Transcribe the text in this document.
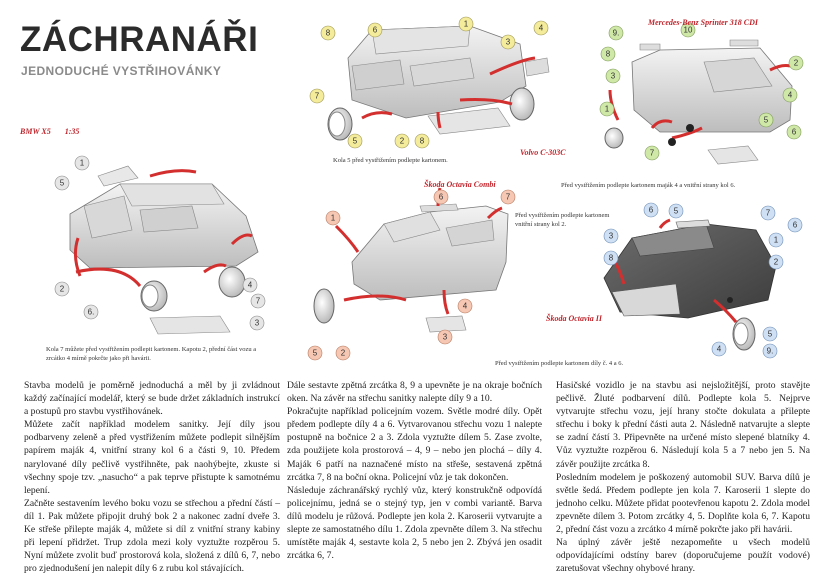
ZÁCHRANÁŘI
JEDNODUCHÉ VYSTŘIHOVÁNKY
8	6
1
3
4
7
5	2 8
9.	10
8
2
3
1
7
4
6
5
1
5
2
6.
4
7
3
6	7
1
4
3
5	2
6	5	7
3
8
6
1
2
4
5
9.
BMW X5 1:35
Volvo C-303C
Mercedes-Benz Sprinter 318 CDI
Škoda Octavia Combi
Škoda Octavia II
Kola 7 můžete před vystřižením podlepit kartonem. Kapotu 2, přední část vozu a zrcátko 4 mírně pokrčte jako při havárii.
Kola 5 před vystřižením podlepte kartonem.
Před vystřižením podlepte kartonem maják 4 a vnitřní strany kol 6.
Před vystřižením podlepte kartonem vnitřní strany kol 2.
Před vystřižením podlepte kartonem díly č. 4 a 6.

Stavba modelů je poměrně jednoduchá a měl by ji zvládnout každý začínající modelář, který se bude držet základních instrukcí a postupů pro stavbu vystřihovánek.

Můžete začít například modelem sanitky. Její díly jsou podbarveny zeleně a před vystřižením můžete podlepit silnějším papírem maják 4, vnitřní strany kol 6 a části 9, 10. Předem narylované díly pečlivě vystřihněte, pak naohýbejte, zkuste si všechny spoje tzv. „nasucho“ a pak teprve přistupte k samotnému lepení.

Začněte sestavením levého boku vozu se střechou a přední částí – díl 1. Pak můžete připojit druhý bok 2 a nakonec zadní dveře 3. Ke střeše přilepte maják 4, můžete si díl z vnitřní strany kabiny při lepení přidržet. Trup zdola mezi koly vyztužte rozpěrou 5. Nyní můžete zvolit buď prostorová kola, složená z dílů 6, 7, nebo pro zjednodušení jen nalepit díly 6 z rubu kol stávajících.

Dále sestavte zpětná zrcátka 8, 9 a upevněte je na okraje bočních oken. Na závěr na střechu sanitky nalepte díly 9 a 10.

Pokračujte například policejním vozem. Světle modré díly. Opět předem podlepte díly 4 a 6. Vytvarovanou střechu vozu 1 nalepte postupně na bočnice 2 a 3. Zdola vyztužte dílem 5. Zase zvolte, zda použijete kola prostorová – 4, 9 – nebo jen plochá – díly 4. Maják 6 patří na naznačené místo na střeše, sestavená zpětná zrcátka 7, 8 na boční okna. Policejní vůz je tak dokončen.

Následuje záchranářský rychlý vůz, který konstrukčně odpovídá policejnímu, jedná se o stejný typ, jen v combi variantě. Barva dílů modelu je růžová. Podlepte jen kola 2. Karoserii vytvarujte a slepte ze samostatného dílu 1. Zdola zpevněte dílem 3. Na střechu umístěte maják 4, sestavte kola 2, 5 nebo jen 2. Zbývá jen osadit zrcátka 6, 7.

Hasičské vozidlo je na stavbu asi nejsložitější, proto stavějte pečlivě. Žluté podbarvení dílů. Podlepte kola 5. Nejprve vytvarujte střechu vozu, její hrany stočte dokulata a přilepte střechu i boky k přední části auta 2. Následně natvarujte a slepte se zadní částí 3. Připevněte na určené místo slepené blatníky 4. Vůz vyztužte rozpěrou 6. Následují kola 5 a 7 nebo jen 5. Na závěr použijte zrcátka 8.

Posledním modelem je poškozený automobil SUV. Barva dílů je světle šedá. Předem podlepte jen kola 7. Karoserii 1 slepte do jednoho celku. Můžete přidat pootevřenou kapotu 2. Zdola model zpevněte dílem 3. Potom zrcátky 4, 5. Doplňte kola 6, 7. Kapotu 2, přední část vozu a zrcátko 4 mírně pokrčte jako při havárii.

Na úplný závěr ještě nezapomeňte u všech modelů odpovídajícími odstíny barev (doporučujeme použít vodové) zaretušovat všechny ohybové hrany.
